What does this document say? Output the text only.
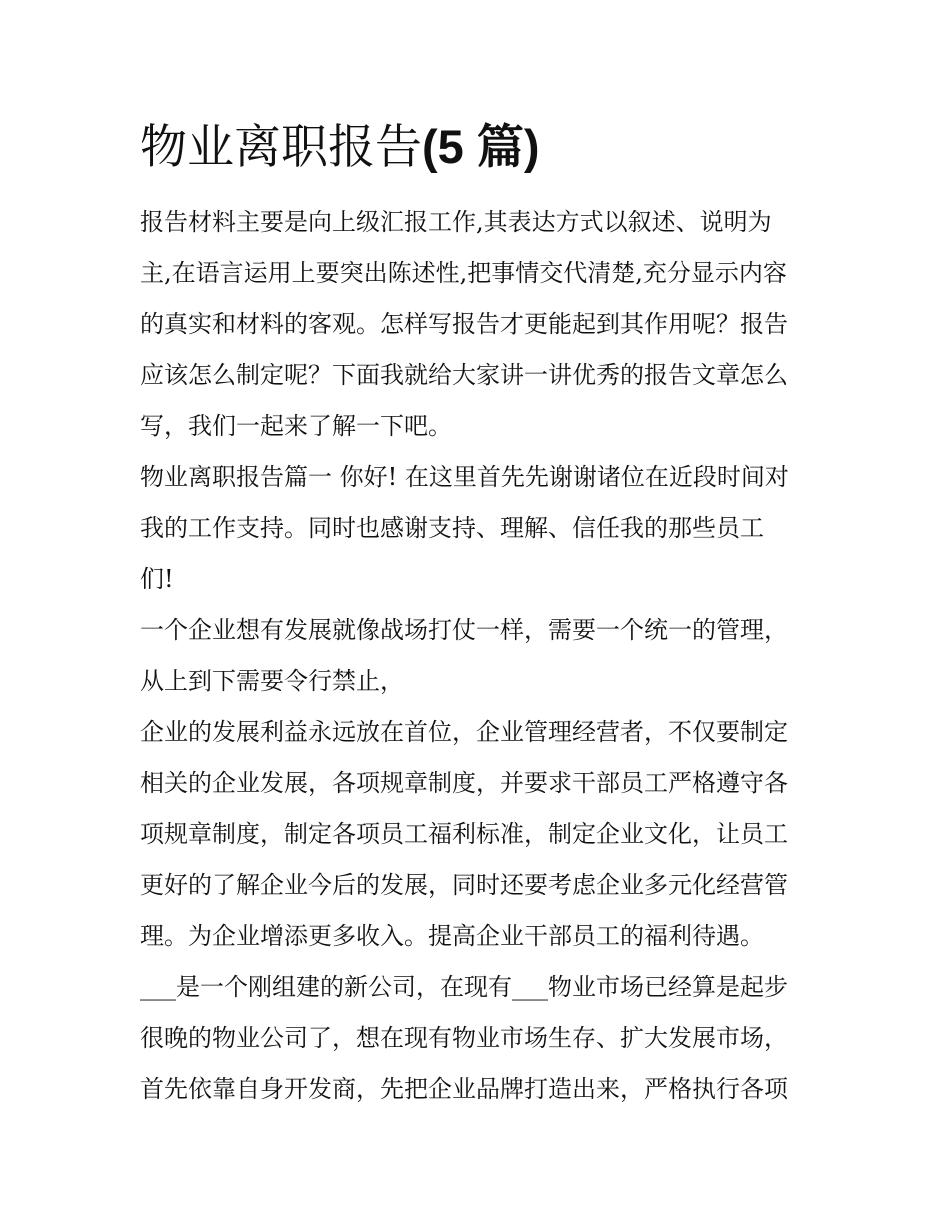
物业离职报告(5 篇)
报告材料主要是向上级汇报工作,其表达方式以叙述、说明为
主,在语言运用上要突出陈述性,把事情交代清楚,充分显示内容
的真实和材料的客观。怎样写报告才更能起到其作用呢？报告
应该怎么制定呢？下面我就给大家讲一讲优秀的报告文章怎么
写，我们一起来了解一下吧。
物业离职报告篇一 你好! 在这里首先先谢谢诸位在近段时间对
我的工作支持。同时也感谢支持、理解、信任我的那些员工
们!
一个企业想有发展就像战场打仗一样，需要一个统一的管理，
从上到下需要令行禁止，
企业的发展利益永远放在首位，企业管理经营者，不仅要制定
相关的企业发展，各项规章制度，并要求干部员工严格遵守各
项规章制度，制定各项员工福利标准，制定企业文化，让员工
更好的了解企业今后的发展，同时还要考虑企业多元化经营管
理。为企业增添更多收入。提高企业干部员工的福利待遇。
___是一个刚组建的新公司，在现有___物业市场已经算是起步
很晚的物业公司了，想在现有物业市场生存、扩大发展市场，
首先依靠自身开发商，先把企业品牌打造出来，严格执行各项
